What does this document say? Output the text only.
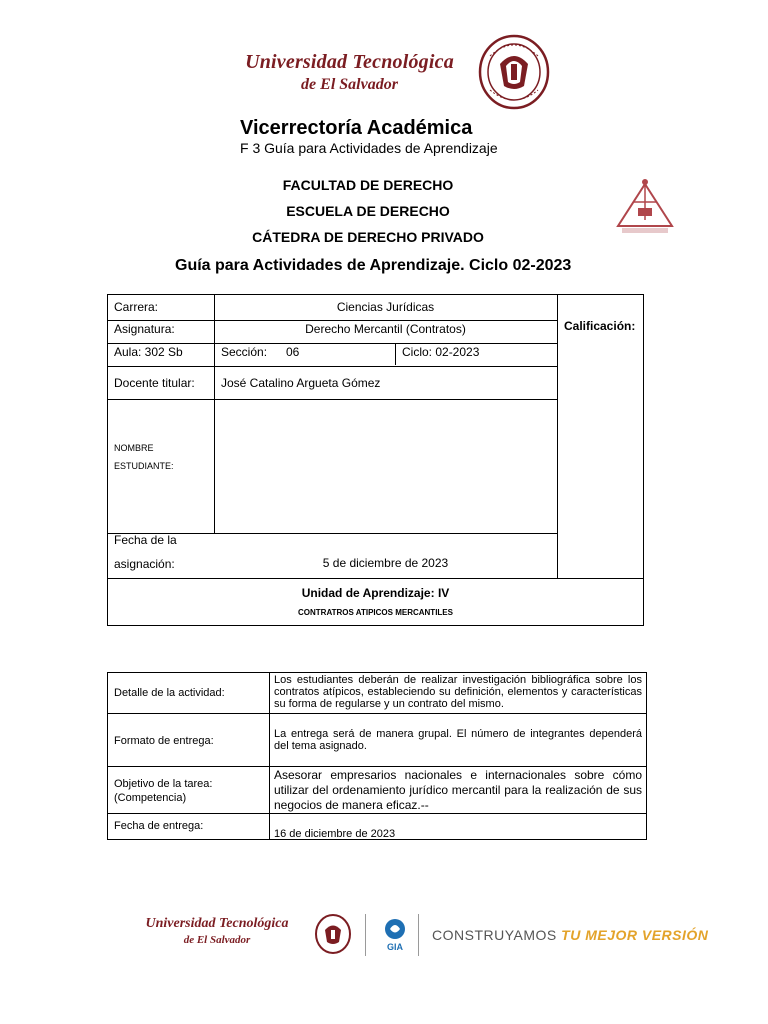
Universidad Tecnológica
de El Salvador
Vicerrectoría Académica
F 3 Guía para Actividades de Aprendizaje
FACULTAD DE DERECHO
ESCUELA DE DERECHO
CÁTEDRA DE DERECHO PRIVADO
Guía para Actividades de Aprendizaje. Ciclo 02-2023
Carrera:	Ciencias Jurídicas
Asignatura:	Derecho Mercantil (Contratos)
Aula: 302 Sb	Sección: 06	Ciclo: 02-2023
Calificación:
Docente titular: José Catalino Argueta Gómez
NOMBRE
ESTUDIANTE:
Fecha de la
asignación:	5 de diciembre de 2023
Unidad de Aprendizaje: IV
CONTRATROS ATIPICOS MERCANTILES
Detalle de la actividad:
Los estudiantes deberán de realizar investigación bibliográfica sobre los contratos atípicos, estableciendo su definición, elementos y características su forma de regularse y un contrato del mismo.
Formato de entrega:
La entrega será de manera grupal. El número de integrantes dependerá del tema asignado.
Objetivo de la tarea:
(Competencia)
Asesorar empresarios nacionales e internacionales sobre cómo utilizar del ordenamiento jurídico mercantil para la realización de sus negocios de manera eficaz.--
Fecha de entrega:
16 de diciembre de 2023
Universidad Tecnológica
de El Salvador
GIA
CONSTRUYAMOS TU MEJOR VERSIÓN
